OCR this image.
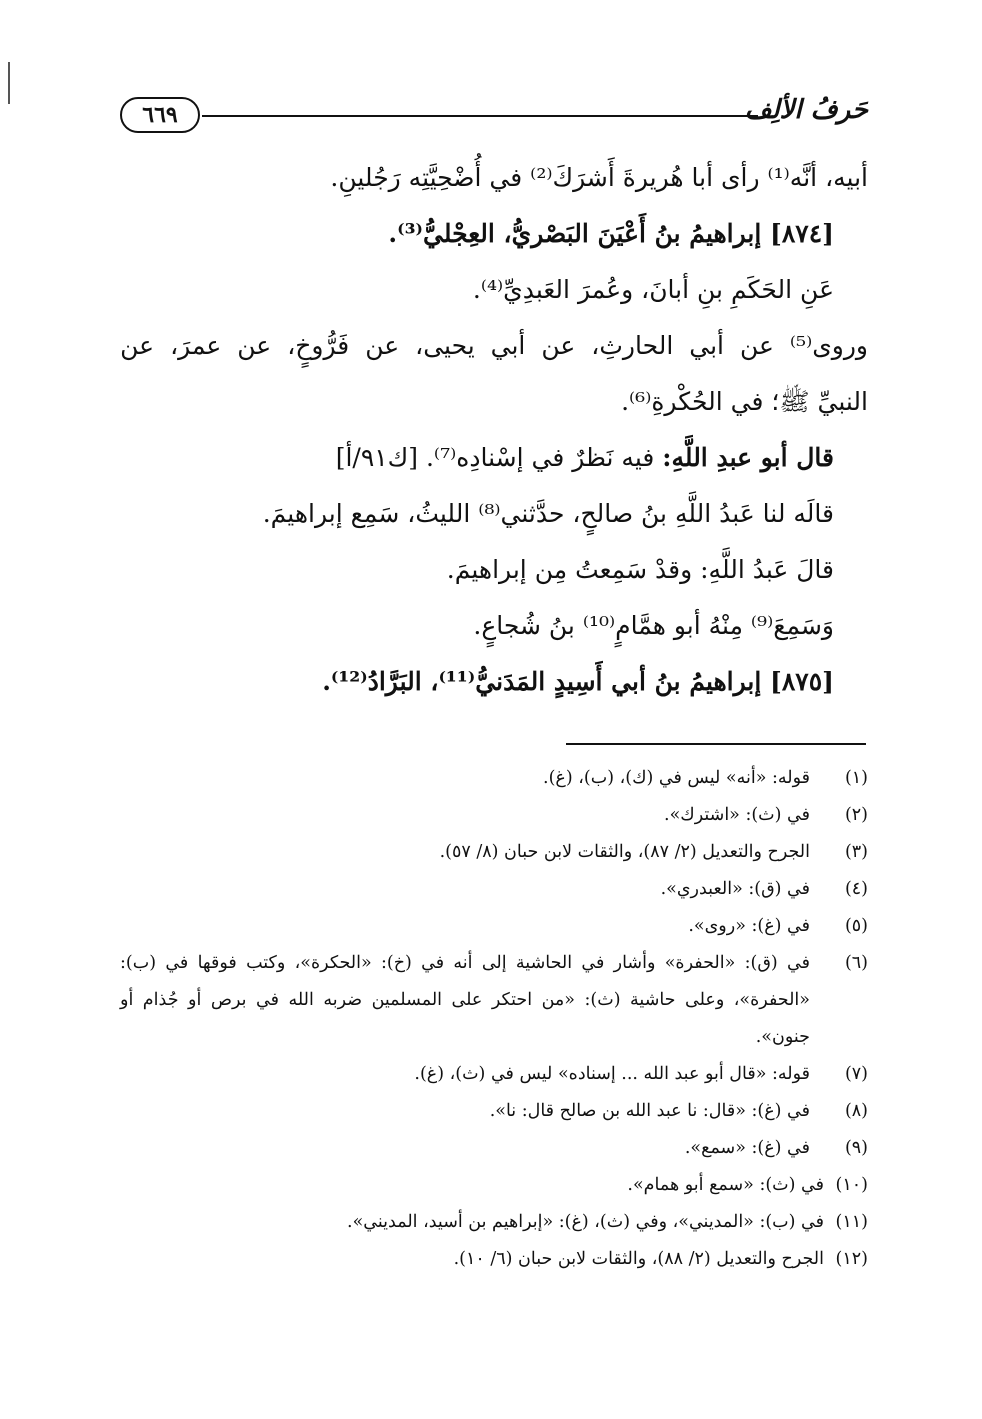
٦٦٩	حَرفُ الألِف
أبيه، أنَّه⁽¹⁾ رأى أبا هُريرةَ أَشرَكَ⁽²⁾ في أُضْحِيَّتِه رَجُلينِ.
[٨٧٤] إبراهيمُ بنُ أَعْيَنَ البَصْريُّ، العِجْليُّ⁽³⁾.
عَنِ الحَكَمِ بنِ أبانَ، وعُمرَ العَبدِيِّ⁽⁴⁾.
وروى⁽⁵⁾
عن
أبي
الحارثِ،
عن
أبي
يحيى،
عن
فَرُّوخٍ،
عن
عمرَ،
عن
النبيِّ ﷺ؛ في الحُكْرةِ⁽⁶⁾.
قال أبو عبدِ اللَّهِ: فيه نَظرٌ في إسْنادِه⁽⁷⁾. [ك٩١/أ]
قالَه لنا عَبدُ اللَّهِ بنُ صالحٍ، حدَّثني⁽⁸⁾ الليثُ، سَمِع إبراهيمَ.
قالَ عَبدُ اللَّهِ: وقدْ سَمِعتُ مِن إبراهيمَ.
وَسَمِعَ⁽⁹⁾ مِنْهُ أبو همَّامٍ⁽¹⁰⁾ بنُ شُجاعٍ.
[٨٧٥] إبراهيمُ بنُ أبي أَسِيدٍ المَدَنيُّ⁽¹¹⁾، البَرَّادُ⁽¹²⁾.
(١)
قوله: «أنه» ليس في (ك)، (ب)، (غ).
(٢)
في (ث): «اشترك».
(٣)
الجرح والتعديل (٢/ ٨٧)، والثقات لابن حبان (٨/ ٥٧).
(٤)
في (ق): «العبدري».
(٥)
في (غ): «روى».
(٦)
في (ق): «الحفرة» وأشار في الحاشية إلى أنه في (خ): «الحكرة»، وكتب فوقها في (ب): «الحفرة»، وعلى حاشية (ث): «من احتكر على المسلمين ضربه الله في برص أو جُذام أو جنون».
(٧)
قوله: «قال أبو عبد الله ... إسناده» ليس في (ث)، (غ).
(٨)
في (غ): «قال: نا عبد الله بن صالح قال: نا».
(٩)
في (غ): «سمع».
(١٠)
في (ث): «سمع أبو همام».
(١١)
في (ب): «المديني»، وفي (ث)، (غ): «إبراهيم بن أسيد، المديني».
(١٢)
الجرح والتعديل (٢/ ٨٨)، والثقات لابن حبان (٦/ ١٠).
